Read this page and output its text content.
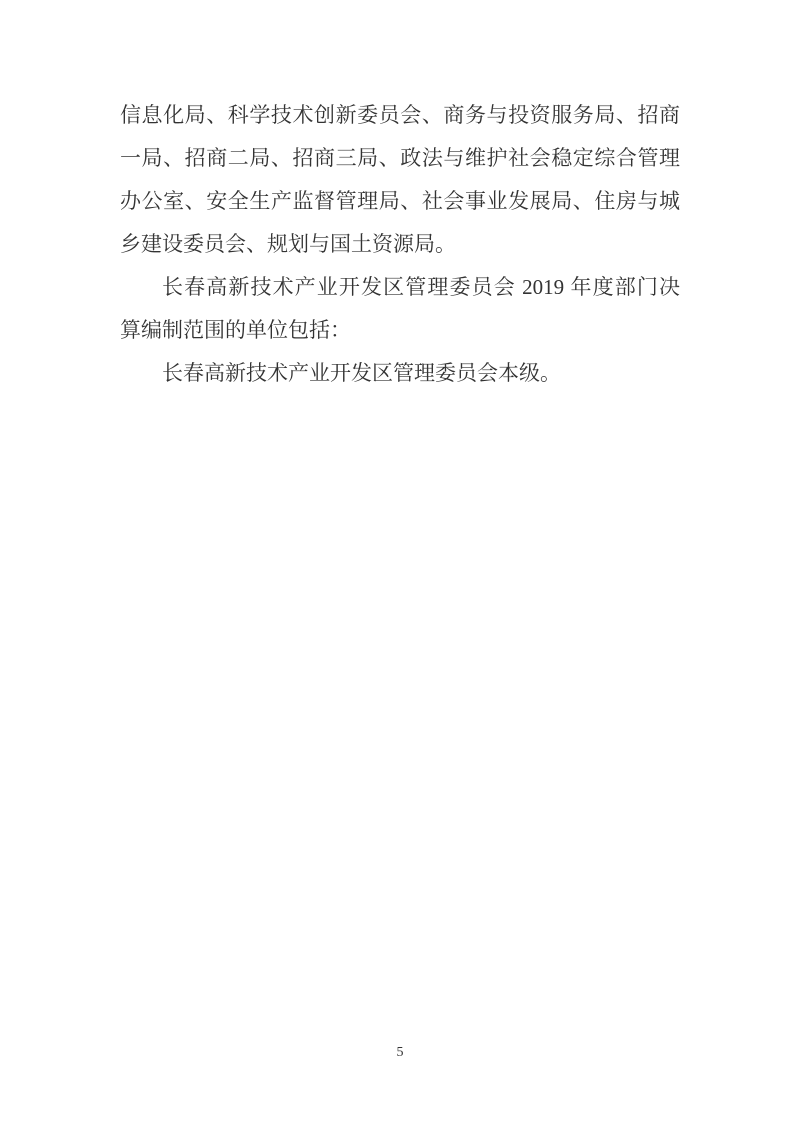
信息化局、科学技术创新委员会、商务与投资服务局、招商
一局、招商二局、招商三局、政法与维护社会稳定综合管理
办公室、安全生产监督管理局、社会事业发展局、住房与城
乡建设委员会、规划与国土资源局。
长春高新技术产业开发区管理委员会 2019 年度部门决
算编制范围的单位包括：
长春高新技术产业开发区管理委员会本级。
5
